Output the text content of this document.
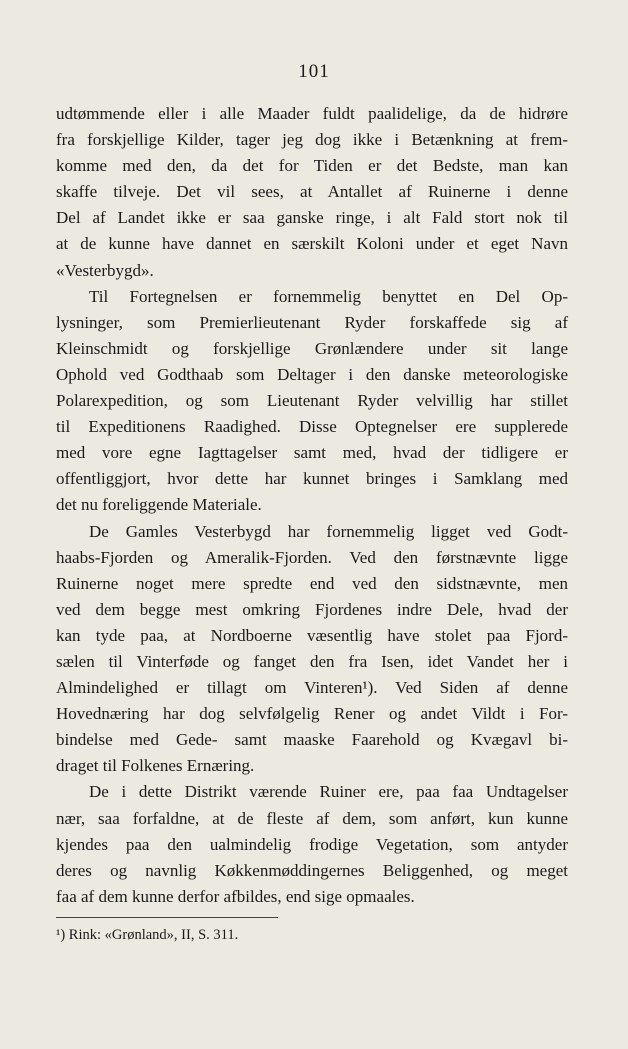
101
udtømmende eller i alle Maader fuldt paalidelige, da de hidrøre
fra forskjellige Kilder, tager jeg dog ikke i Betænkning at frem-
komme med den, da det for Tiden er det Bedste, man kan
skaffe tilveje. Det vil sees, at Antallet af Ruinerne i denne
Del af Landet ikke er saa ganske ringe, i alt Fald stort nok til
at de kunne have dannet en særskilt Koloni under et eget Navn
«Vesterbygd».
Til Fortegnelsen er fornemmelig benyttet en Del Op-
lysninger, som Premierlieutenant Ryder forskaffede sig af
Kleinschmidt og forskjellige Grønlændere under sit lange
Ophold ved Godthaab som Deltager i den danske meteorologiske
Polarexpedition, og som Lieutenant Ryder velvillig har stillet
til Expeditionens Raadighed. Disse Optegnelser ere supplerede
med vore egne Iagttagelser samt med, hvad der tidligere er
offentliggjort, hvor dette har kunnet bringes i Samklang med
det nu foreliggende Materiale.
De Gamles Vesterbygd har fornemmelig ligget ved Godt-
haabs-Fjorden og Ameralik-Fjorden. Ved den førstnævnte ligge
Ruinerne noget mere spredte end ved den sidstnævnte, men
ved dem begge mest omkring Fjordenes indre Dele, hvad der
kan tyde paa, at Nordboerne væsentlig have stolet paa Fjord-
sælen til Vinterføde og fanget den fra Isen, idet Vandet her i
Almindelighed er tillagt om Vinteren¹). Ved Siden af denne
Hovednæring har dog selvfølgelig Rener og andet Vildt i For-
bindelse med Gede- samt maaske Faarehold og Kvægavl bi-
draget til Folkenes Ernæring.
De i dette Distrikt værende Ruiner ere, paa faa Undtagelser
nær, saa forfaldne, at de fleste af dem, som anført, kun kunne
kjendes paa den ualmindelig frodige Vegetation, som antyder
deres og navnlig Køkkenmøddingernes Beliggenhed, og meget
faa af dem kunne derfor afbildes, end sige opmaales.
¹) Rink: «Grønland», II, S. 311.
